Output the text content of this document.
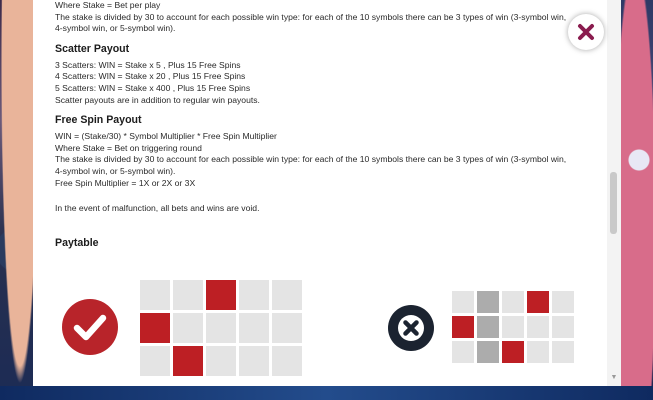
Where Stake = Bet per play
The stake is divided by 30 to account for each possible win type: for each of the 10 symbols there can be 3 types of win (3-symbol win,
4-symbol win, or 5-symbol win).
Scatter Payout
3 Scatters: WIN = Stake x 5 , Plus 15 Free Spins
4 Scatters: WIN = Stake x 20 , Plus 15 Free Spins
5 Scatters: WIN = Stake x 400 , Plus 15 Free Spins
Scatter payouts are in addition to regular win payouts.
Free Spin Payout
WIN = (Stake/30) * Symbol Multiplier * Free Spin Multiplier
Where Stake = Bet on triggering round
The stake is divided by 30 to account for each possible win type: for each of the 10 symbols there can be 3 types of win (3-symbol win,
4-symbol win, or 5-symbol win).
Free Spin Multiplier = 1X or 2X or 3X
In the event of malfunction, all bets and wins are void.
Paytable
▼
